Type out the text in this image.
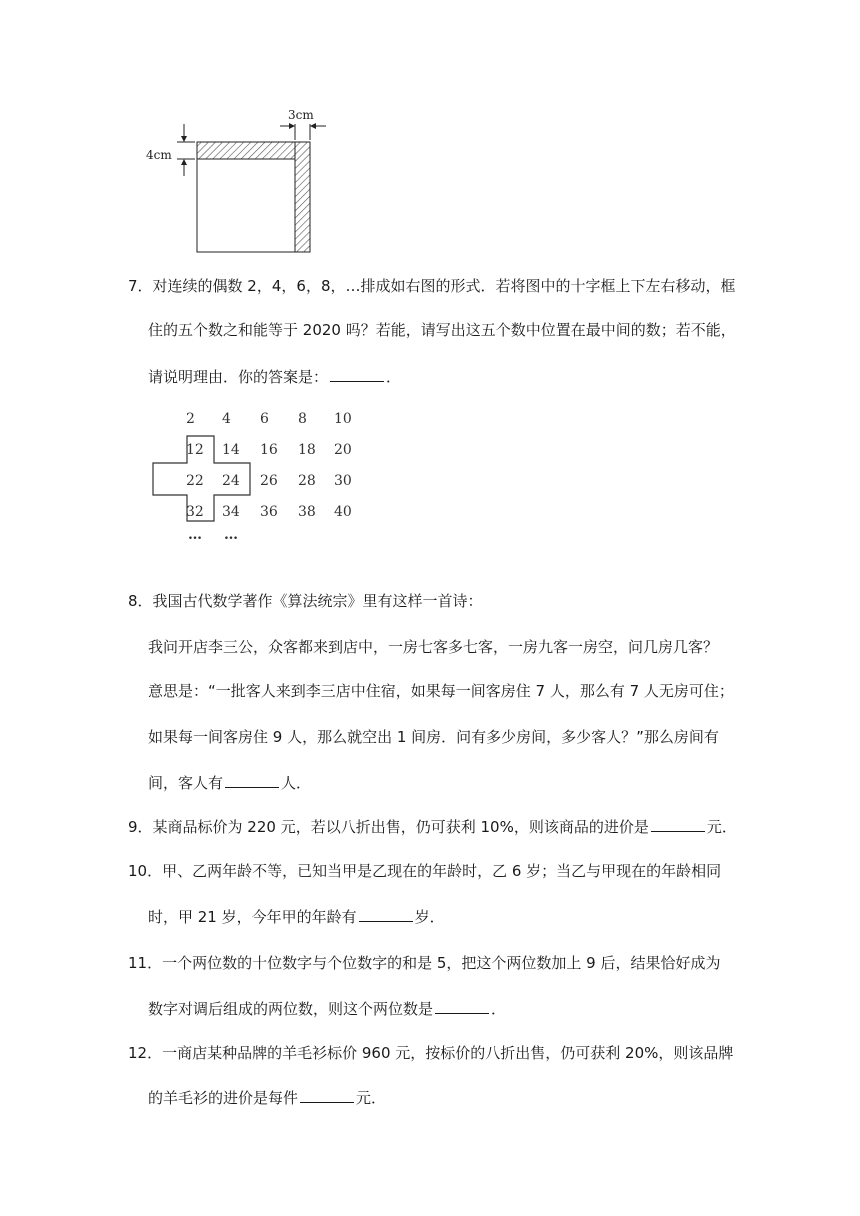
3cm
4cm
7．对连续的偶数 2，4，6，8，…排成如右图的形式．若将图中的十字框上下左右移动，框
住的五个数之和能等于 2020 吗？若能，请写出这五个数中位置在最中间的数；若不能，
请说明理由．你的答案是：	．
2 4 6 8 10
12 14 16 18 20
22 24 26 28 30
32 34 36 38 40
… …
8．我国古代数学著作《算法统宗》里有这样一首诗：
我问开店李三公，众客都来到店中，一房七客多七客，一房九客一房空，问几房几客？
意思是：“一批客人来到李三店中住宿，如果每一间客房住 7 人，那么有 7 人无房可住；
如果每一间客房住 9 人，那么就空出 1 间房．问有多少房间，多少客人？”那么房间有
间，客人有	人．
9．某商品标价为 220 元，若以八折出售，仍可获利 10%，则该商品的进价是	元．
10．甲、乙两年龄不等，已知当甲是乙现在的年龄时，乙 6 岁；当乙与甲现在的年龄相同
时，甲 21 岁，今年甲的年龄有	岁．
11．一个两位数的十位数字与个位数字的和是 5，把这个两位数加上 9 后，结果恰好成为
数字对调后组成的两位数，则这个两位数是	．
12．一商店某种品牌的羊毛衫标价 960 元，按标价的八折出售，仍可获利 20%，则该品牌
的羊毛衫的进价是每件	元．
